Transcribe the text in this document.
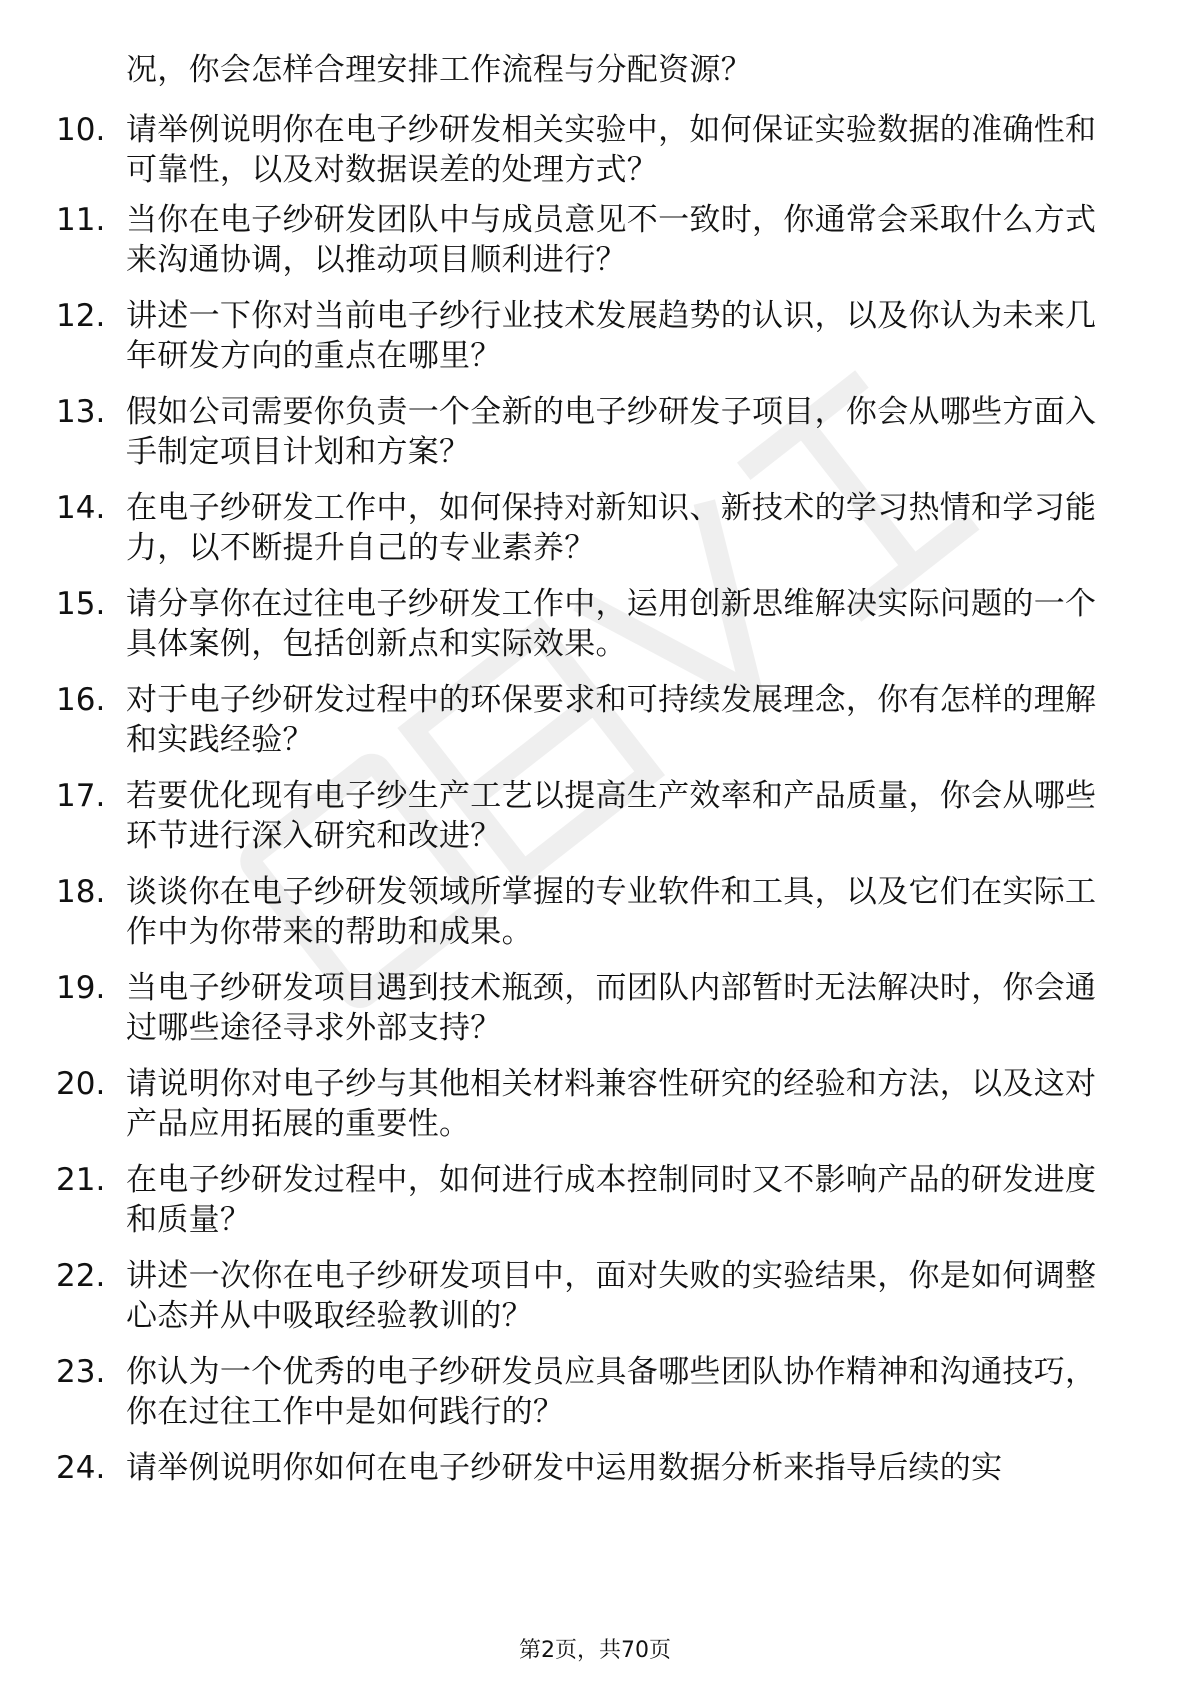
况，你会怎样合理安排工作流程与分配资源？
10. 请举例说明你在电子纱研发相关实验中，如何保证实验数据的准确性和可靠性，以及对数据误差的处理方式？
11. 当你在电子纱研发团队中与成员意见不一致时，你通常会采取什么方式来沟通协调，以推动项目顺利进行？
12. 讲述一下你对当前电子纱行业技术发展趋势的认识，以及你认为未来几年研发方向的重点在哪里？
13. 假如公司需要你负责一个全新的电子纱研发子项目，你会从哪些方面入手制定项目计划和方案？
14. 在电子纱研发工作中，如何保持对新知识、新技术的学习热情和学习能力，以不断提升自己的专业素养？
15. 请分享你在过往电子纱研发工作中，运用创新思维解决实际问题的一个具体案例，包括创新点和实际效果。
16. 对于电子纱研发过程中的环保要求和可持续发展理念，你有怎样的理解和实践经验？
17. 若要优化现有电子纱生产工艺以提高生产效率和产品质量，你会从哪些环节进行深入研究和改进？
18. 谈谈你在电子纱研发领域所掌握的专业软件和工具，以及它们在实际工作中为你带来的帮助和成果。
19. 当电子纱研发项目遇到技术瓶颈，而团队内部暂时无法解决时，你会通过哪些途径寻求外部支持？
20. 请说明你对电子纱与其他相关材料兼容性研究的经验和方法，以及这对产品应用拓展的重要性。
21. 在电子纱研发过程中，如何进行成本控制同时又不影响产品的研发进度和质量？
22. 讲述一次你在电子纱研发项目中，面对失败的实验结果，你是如何调整心态并从中吸取经验教训的？
23. 你认为一个优秀的电子纱研发员应具备哪些团队协作精神和沟通技巧，你在过往工作中是如何践行的？
24. 请举例说明你如何在电子纱研发中运用数据分析来指导后续的实
第2页，共70页
